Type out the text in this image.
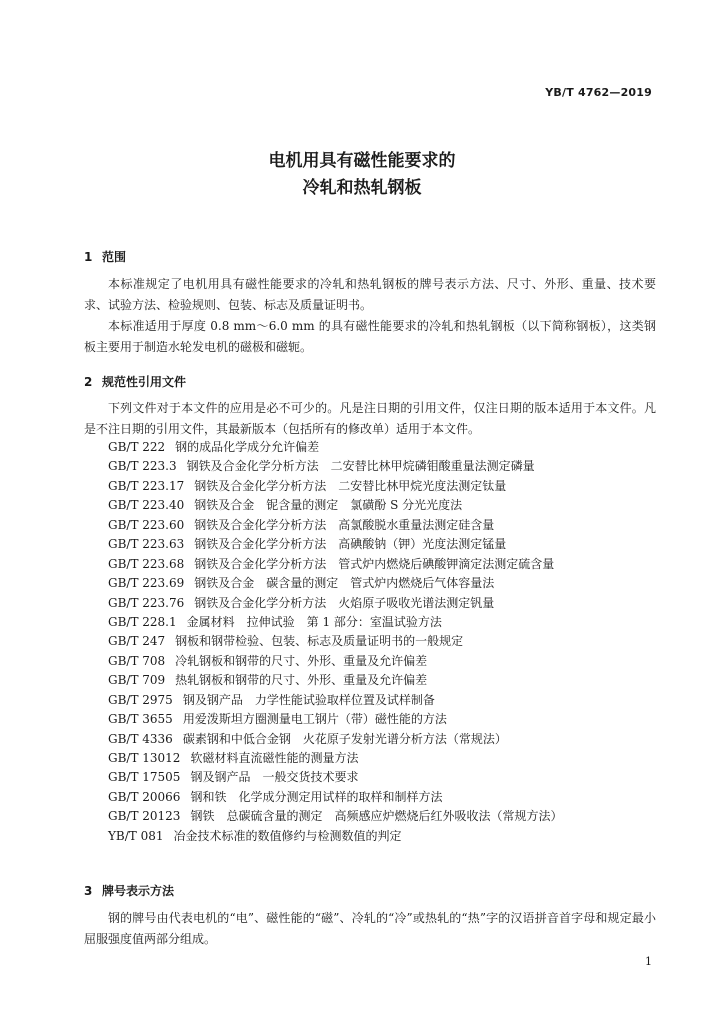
YB/T 4762—2019
电机用具有磁性能要求的
冷轧和热轧钢板
1 范围

本标准规定了电机用具有磁性能要求的冷轧和热轧钢板的牌号表示方法、尺寸、外形、重量、技术要求、试验方法、检验规则、包装、标志及质量证明书。

本标准适用于厚度 0.8 mm～6.0 mm 的具有磁性能要求的冷轧和热轧钢板（以下简称钢板），这类钢板主要用于制造水轮发电机的磁极和磁轭。

2 规范性引用文件

下列文件对于本文件的应用是必不可少的。凡是注日期的引用文件，仅注日期的版本适用于本文件。凡是不注日期的引用文件，其最新版本（包括所有的修改单）适用于本文件。

GB/T 222 钢的成品化学成分允许偏差
GB/T 223.3 钢铁及合金化学分析方法　二安替比林甲烷磷钼酸重量法测定磷量
GB/T 223.17 钢铁及合金化学分析方法　二安替比林甲烷光度法测定钛量
GB/T 223.40 钢铁及合金　铌含量的测定　氯磺酚 S 分光光度法
GB/T 223.60 钢铁及合金化学分析方法　高氯酸脱水重量法测定硅含量
GB/T 223.63 钢铁及合金化学分析方法　高碘酸钠（钾）光度法测定锰量
GB/T 223.68 钢铁及合金化学分析方法　管式炉内燃烧后碘酸钾滴定法测定硫含量
GB/T 223.69 钢铁及合金　碳含量的测定　管式炉内燃烧后气体容量法
GB/T 223.76 钢铁及合金化学分析方法　火焰原子吸收光谱法测定钒量
GB/T 228.1 金属材料　拉伸试验　第 1 部分：室温试验方法
GB/T 247 钢板和钢带检验、包装、标志及质量证明书的一般规定
GB/T 708 冷轧钢板和钢带的尺寸、外形、重量及允许偏差
GB/T 709 热轧钢板和钢带的尺寸、外形、重量及允许偏差
GB/T 2975 钢及钢产品　力学性能试验取样位置及试样制备
GB/T 3655 用爱泼斯坦方圈测量电工钢片（带）磁性能的方法
GB/T 4336 碳素钢和中低合金钢　火花原子发射光谱分析方法（常规法）
GB/T 13012 软磁材料直流磁性能的测量方法
GB/T 17505 钢及钢产品　一般交货技术要求
GB/T 20066 钢和铁　化学成分测定用试样的取样和制样方法
GB/T 20123 钢铁　总碳硫含量的测定　高频感应炉燃烧后红外吸收法（常规方法）
YB/T 081 冶金技术标准的数值修约与检测数值的判定
3 牌号表示方法

钢的牌号由代表电机的“电”、磁性能的“磁”、冷轧的“冷”或热轧的“热”字的汉语拼音首字母和规定最小屈服强度值两部分组成。

1
